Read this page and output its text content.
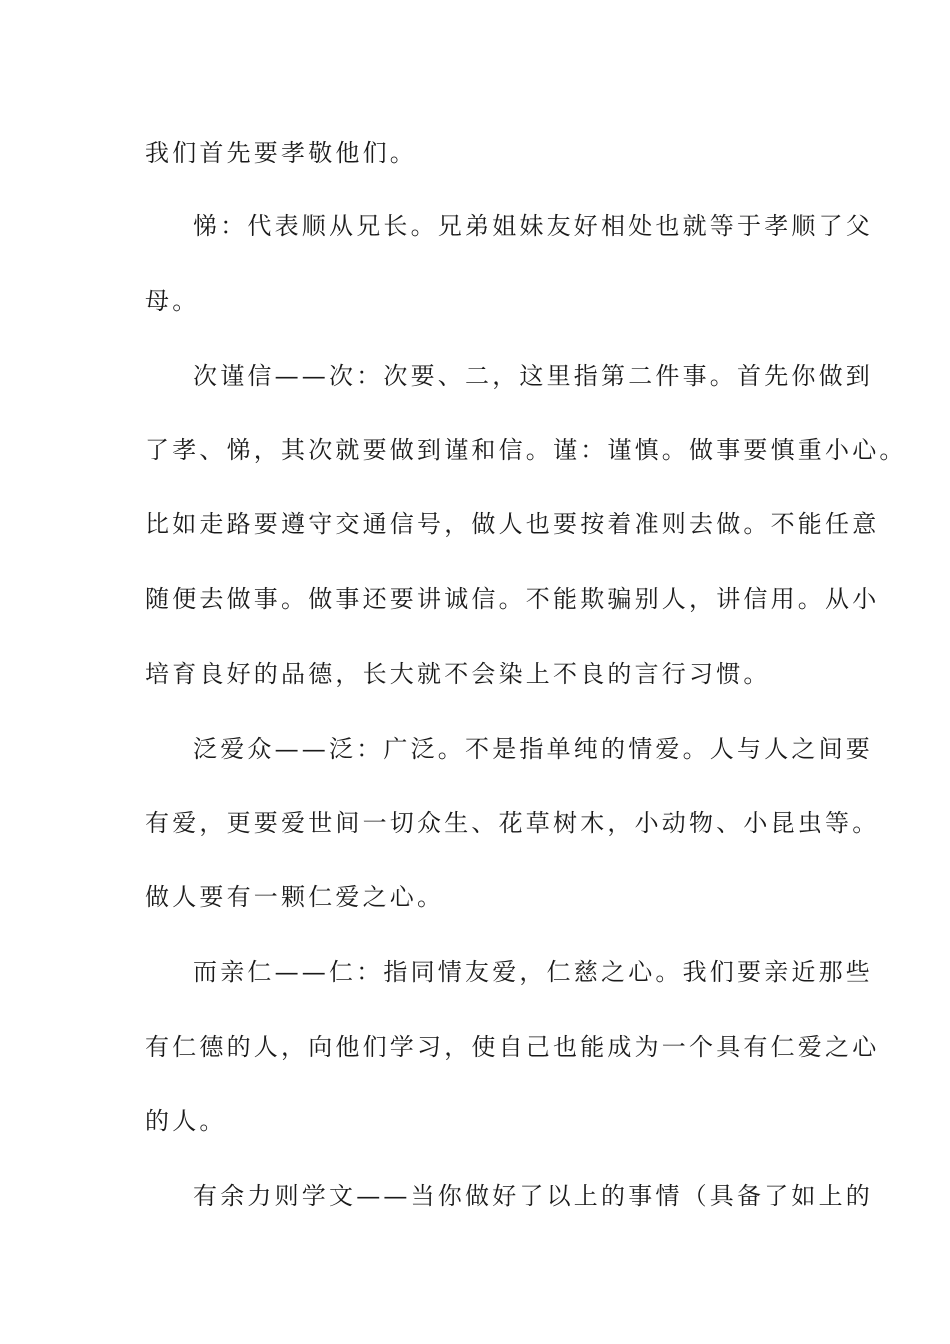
我们首先要孝敬他们。
悌：代表顺从兄长。兄弟姐妹友好相处也就等于孝顺了父
母。
次谨信——次：次要、二，这里指第二件事。首先你做到
了孝、悌，其次就要做到谨和信。谨：谨慎。做事要慎重小心。
比如走路要遵守交通信号，做人也要按着准则去做。不能任意
随便去做事。做事还要讲诚信。不能欺骗别人，讲信用。从小
培育良好的品德，长大就不会染上不良的言行习惯。
泛爱众——泛：广泛。不是指单纯的情爱。人与人之间要
有爱，更要爱世间一切众生、花草树木，小动物、小昆虫等。
做人要有一颗仁爱之心。
而亲仁——仁：指同情友爱，仁慈之心。我们要亲近那些
有仁德的人，向他们学习，使自己也能成为一个具有仁爱之心
的人。
有余力则学文——当你做好了以上的事情（具备了如上的
